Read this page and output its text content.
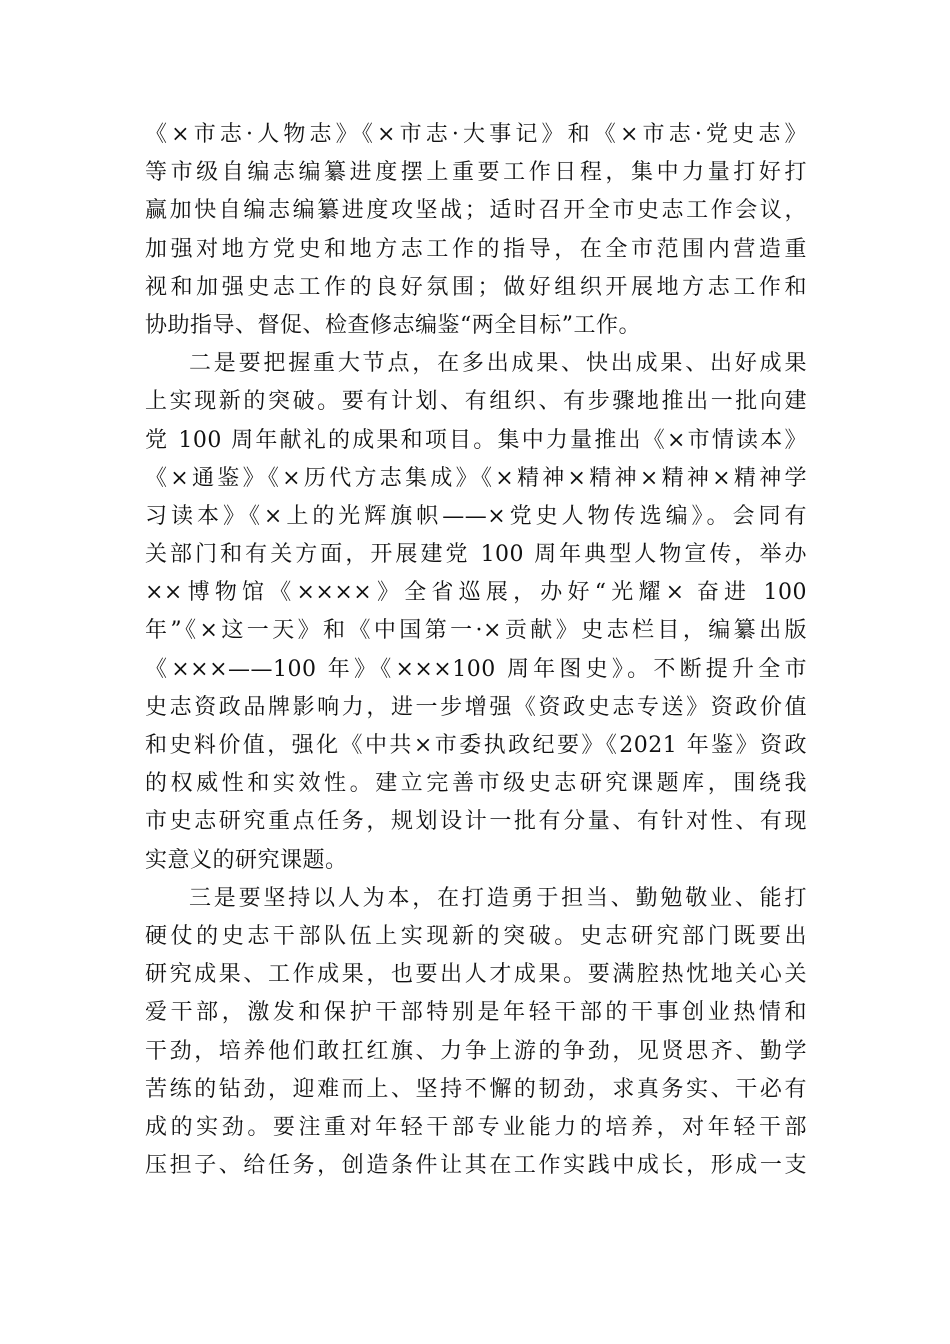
《×市志·人物志》《×市志·大事记》和《×市志·党史志》
等市级自编志编纂进度摆上重要工作日程，集中力量打好打
赢加快自编志编纂进度攻坚战；适时召开全市史志工作会议，
加强对地方党史和地方志工作的指导，在全市范围内营造重
视和加强史志工作的良好氛围；做好组织开展地方志工作和
协助指导、督促、检查修志编鉴“两全目标”工作。
二是要把握重大节点，在多出成果、快出成果、出好成果
上实现新的突破。要有计划、有组织、有步骤地推出一批向建
党 100 周年献礼的成果和项目。集中力量推出《×市情读本》
《×通鉴》《×历代方志集成》《×精神×精神×精神×精神学
习读本》《×上的光辉旗帜——×党史人物传选编》。会同有
关部门和有关方面，开展建党 100 周年典型人物宣传，举办
××博物馆《××××》全省巡展，办好“光耀× 奋进 100
年”《×这一天》和《中国第一·×贡献》史志栏目，编纂出版
《×××——100 年》《×××100 周年图史》。不断提升全市
史志资政品牌影响力，进一步增强《资政史志专送》资政价值
和史料价值，强化《中共×市委执政纪要》《2021 年鉴》资政
的权威性和实效性。建立完善市级史志研究课题库，围绕我
市史志研究重点任务，规划设计一批有分量、有针对性、有现
实意义的研究课题。
三是要坚持以人为本，在打造勇于担当、勤勉敬业、能打
硬仗的史志干部队伍上实现新的突破。史志研究部门既要出
研究成果、工作成果，也要出人才成果。要满腔热忱地关心关
爱干部，激发和保护干部特别是年轻干部的干事创业热情和
干劲，培养他们敢扛红旗、力争上游的争劲，见贤思齐、勤学
苦练的钻劲，迎难而上、坚持不懈的韧劲，求真务实、干必有
成的实劲。要注重对年轻干部专业能力的培养，对年轻干部
压担子、给任务，创造条件让其在工作实践中成长，形成一支
